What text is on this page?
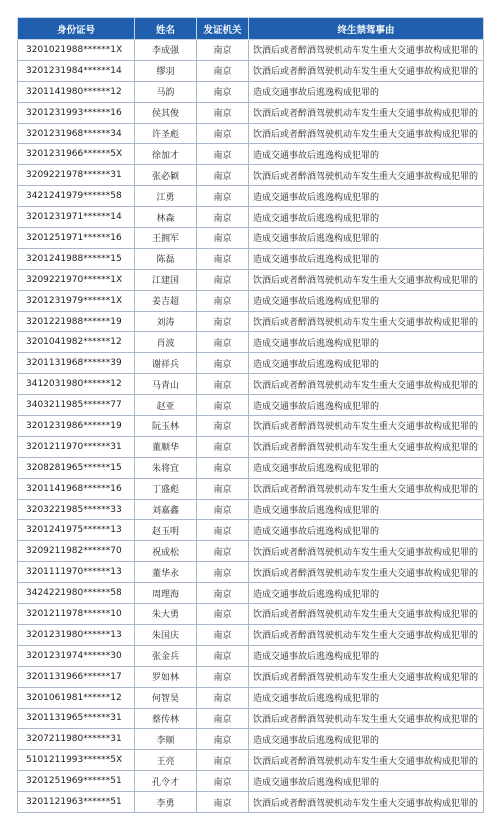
身份证号	姓名	发证机关	终生禁驾事由
3201021988******1X	李成强	南京	饮酒后或者醉酒驾驶机动车发生重大交通事故构成犯罪的
3201231984******14	缪羽	南京	饮酒后或者醉酒驾驶机动车发生重大交通事故构成犯罪的
3201141980******12	马韵	南京	造成交通事故后逃逸构成犯罪的
3201231993******16	侯其俊	南京	饮酒后或者醉酒驾驶机动车发生重大交通事故构成犯罪的
3201231968******34	许圣彪	南京	饮酒后或者醉酒驾驶机动车发生重大交通事故构成犯罪的
3201231966******5X	徐加才	南京	造成交通事故后逃逸构成犯罪的
3209221978******31	张必颖	南京	饮酒后或者醉酒驾驶机动车发生重大交通事故构成犯罪的
3421241979******58	江勇	南京	造成交通事故后逃逸构成犯罪的
3201231971******14	林森	南京	造成交通事故后逃逸构成犯罪的
3201251971******16	王拥军	南京	造成交通事故后逃逸构成犯罪的
3201241988******15	陈磊	南京	造成交通事故后逃逸构成犯罪的
3209221970******1X	江建国	南京	饮酒后或者醉酒驾驶机动车发生重大交通事故构成犯罪的
3201231979******1X	姜吉超	南京	造成交通事故后逃逸构成犯罪的
3201221988******19	刘涛	南京	饮酒后或者醉酒驾驶机动车发生重大交通事故构成犯罪的
3201041982******12	肖波	南京	造成交通事故后逃逸构成犯罪的
3201131968******39	谢祥兵	南京	造成交通事故后逃逸构成犯罪的
3412031980******12	马青山	南京	饮酒后或者醉酒驾驶机动车发生重大交通事故构成犯罪的
3403211985******77	赵亚	南京	造成交通事故后逃逸构成犯罪的
3201231986******19	阮玉林	南京	饮酒后或者醉酒驾驶机动车发生重大交通事故构成犯罪的
3201211970******31	董顺华	南京	饮酒后或者醉酒驾驶机动车发生重大交通事故构成犯罪的
3208281965******15	朱将宜	南京	造成交通事故后逃逸构成犯罪的
3201141968******16	丁盛彪	南京	饮酒后或者醉酒驾驶机动车发生重大交通事故构成犯罪的
3203221985******33	刘嘉鑫	南京	造成交通事故后逃逸构成犯罪的
3201241975******13	赵玉明	南京	造成交通事故后逃逸构成犯罪的
3209211982******70	祝成松	南京	饮酒后或者醉酒驾驶机动车发生重大交通事故构成犯罪的
3201111970******13	董华永	南京	饮酒后或者醉酒驾驶机动车发生重大交通事故构成犯罪的
3424221980******58	周理海	南京	造成交通事故后逃逸构成犯罪的
3201211978******10	朱大勇	南京	饮酒后或者醉酒驾驶机动车发生重大交通事故构成犯罪的
3201231980******13	朱国庆	南京	饮酒后或者醉酒驾驶机动车发生重大交通事故构成犯罪的
3201231974******30	张金兵	南京	造成交通事故后逃逸构成犯罪的
3201131966******17	罗如林	南京	饮酒后或者醉酒驾驶机动车发生重大交通事故构成犯罪的
3201061981******12	何智昊	南京	造成交通事故后逃逸构成犯罪的
3201131965******31	蔡传林	南京	饮酒后或者醉酒驾驶机动车发生重大交通事故构成犯罪的
3207211980******31	李顺	南京	造成交通事故后逃逸构成犯罪的
5101211993******5X	王亮	南京	饮酒后或者醉酒驾驶机动车发生重大交通事故构成犯罪的
3201251969******51	孔令才	南京	造成交通事故后逃逸构成犯罪的
3201121963******51	李勇	南京	饮酒后或者醉酒驾驶机动车发生重大交通事故构成犯罪的
